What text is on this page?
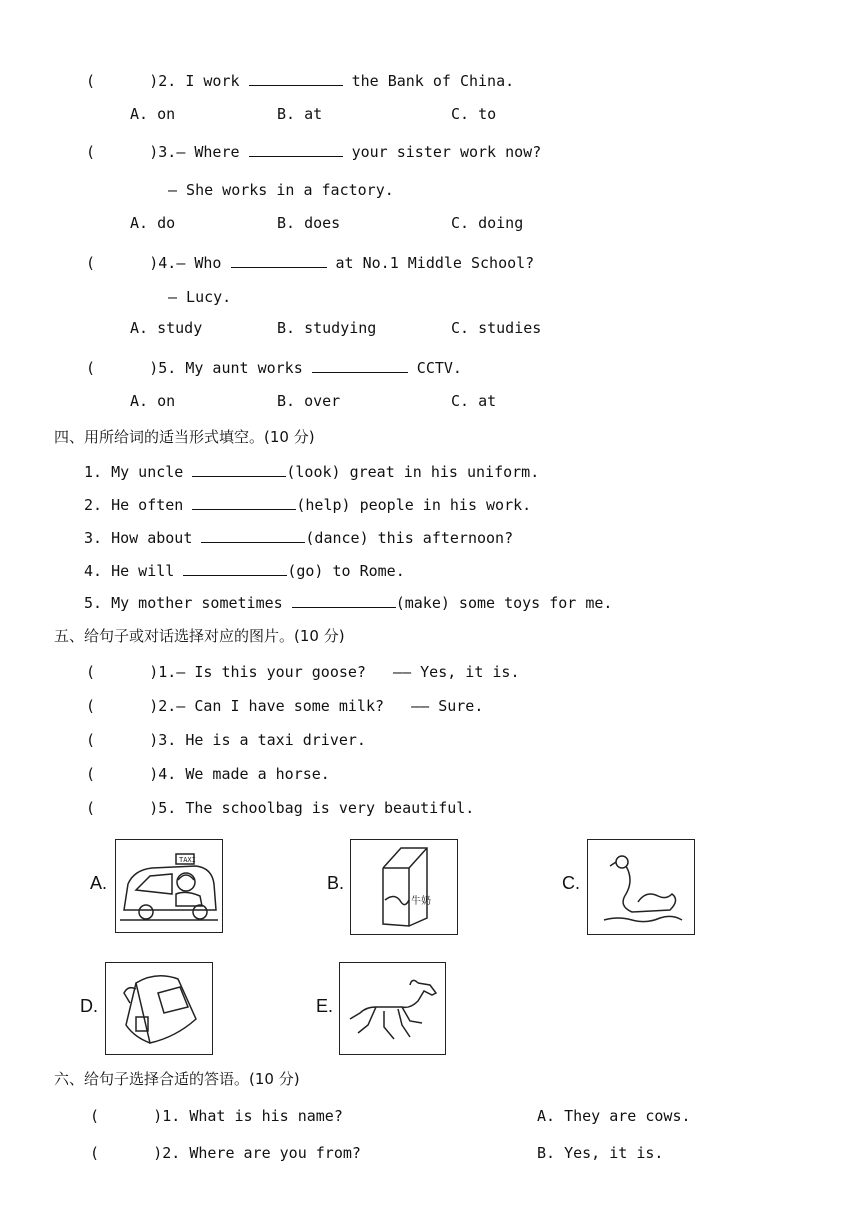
(      )2. I work	the Bank of China.
A. on	B. at	C. to
(      )3.— Where	your sister work now?
— She works in a factory.
A. do	B. does	C. doing
(      )4.— Who	at No.1 Middle School?
— Lucy.
A. study	B. studying	C. studies
(      )5. My aunt works	CCTV.
A. on	B. over	C. at
四、用所给词的适当形式填空。(10 分)
1. My uncle	(look) great in his uniform.
2. He often	(help) people in his work.
3. How about	(dance) this afternoon?
4. He will	(go) to Rome.
5. My mother sometimes	(make) some toys for me.
五、给句子或对话选择对应的图片。(10 分)
(      )1.— Is this your goose?   —— Yes, it is.
(      )2.— Can I have some milk?   —— Sure.
(      )3. He is a taxi driver.
(      )4. We made a horse.
(      )5. The schoolbag is very beautiful.
A.
TAXI
B.
牛奶
C.
D.	E.
六、给句子选择合适的答语。(10 分)
(      )1. What is his name?	A. They are cows.
(      )2. Where are you from?	B. Yes, it is.
